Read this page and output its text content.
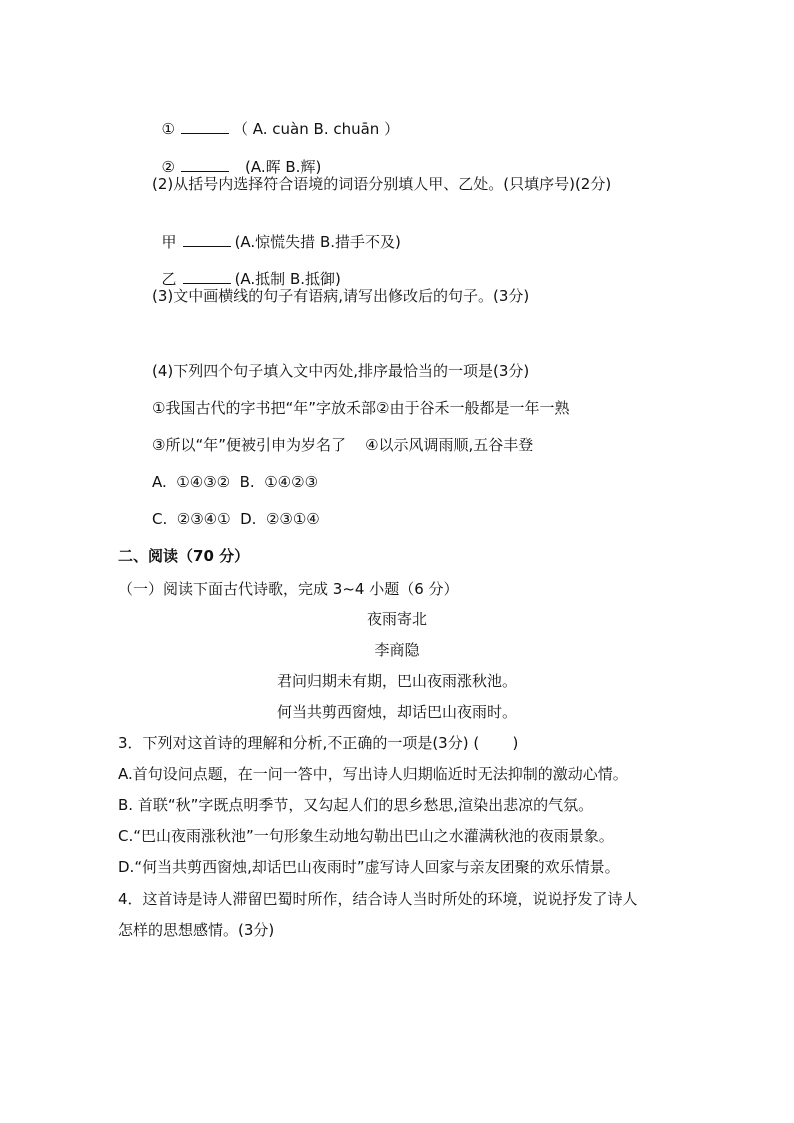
①	（ A. cuàn B. chuān ）

②	(A.晖 B.辉)

(2)从括号内选择符合语境的词语分别填人甲、乙处。(只填序号)(2分)

甲	(A.惊慌失措 B.措手不及)

乙	(A.抵制 B.抵御)

(3)文中画横线的句子有语病,请写出修改后的句子。(3分)
(4)下列四个句子填入文中丙处,排序最恰当的一项是(3分)
①我国古代的字书把“年”字放禾部②由于谷禾一般都是一年一熟
③所以“年”便被引申为岁名了    ④以示风调雨顺,五谷丰登
A.  ①④③②  B.  ①④②③
C.  ②③④①  D.  ②③①④
二、阅读（70 分）
（一）阅读下面古代诗歌，完成 3~4 小题（6 分）
夜雨寄北
李商隐
君问归期未有期，巴山夜雨涨秋池。
何当共剪西窗烛，却话巴山夜雨时。
3．下列对这首诗的理解和分析,不正确的一项是(3分) (       )
A.首句设问点题，在一问一答中，写出诗人归期临近时无法抑制的激动心情。
B. 首联“秋”字既点明季节，又勾起人们的思乡愁思,渲染出悲凉的气氛。
C.“巴山夜雨涨秋池”一句形象生动地勾勒出巴山之水灌满秋池的夜雨景象。
D.“何当共剪西窗烛,却话巴山夜雨时”虚写诗人回家与亲友团聚的欢乐情景。
4．这首诗是诗人滞留巴蜀时所作，结合诗人当时所处的环境，说说抒发了诗人
怎样的思想感情。(3分)
